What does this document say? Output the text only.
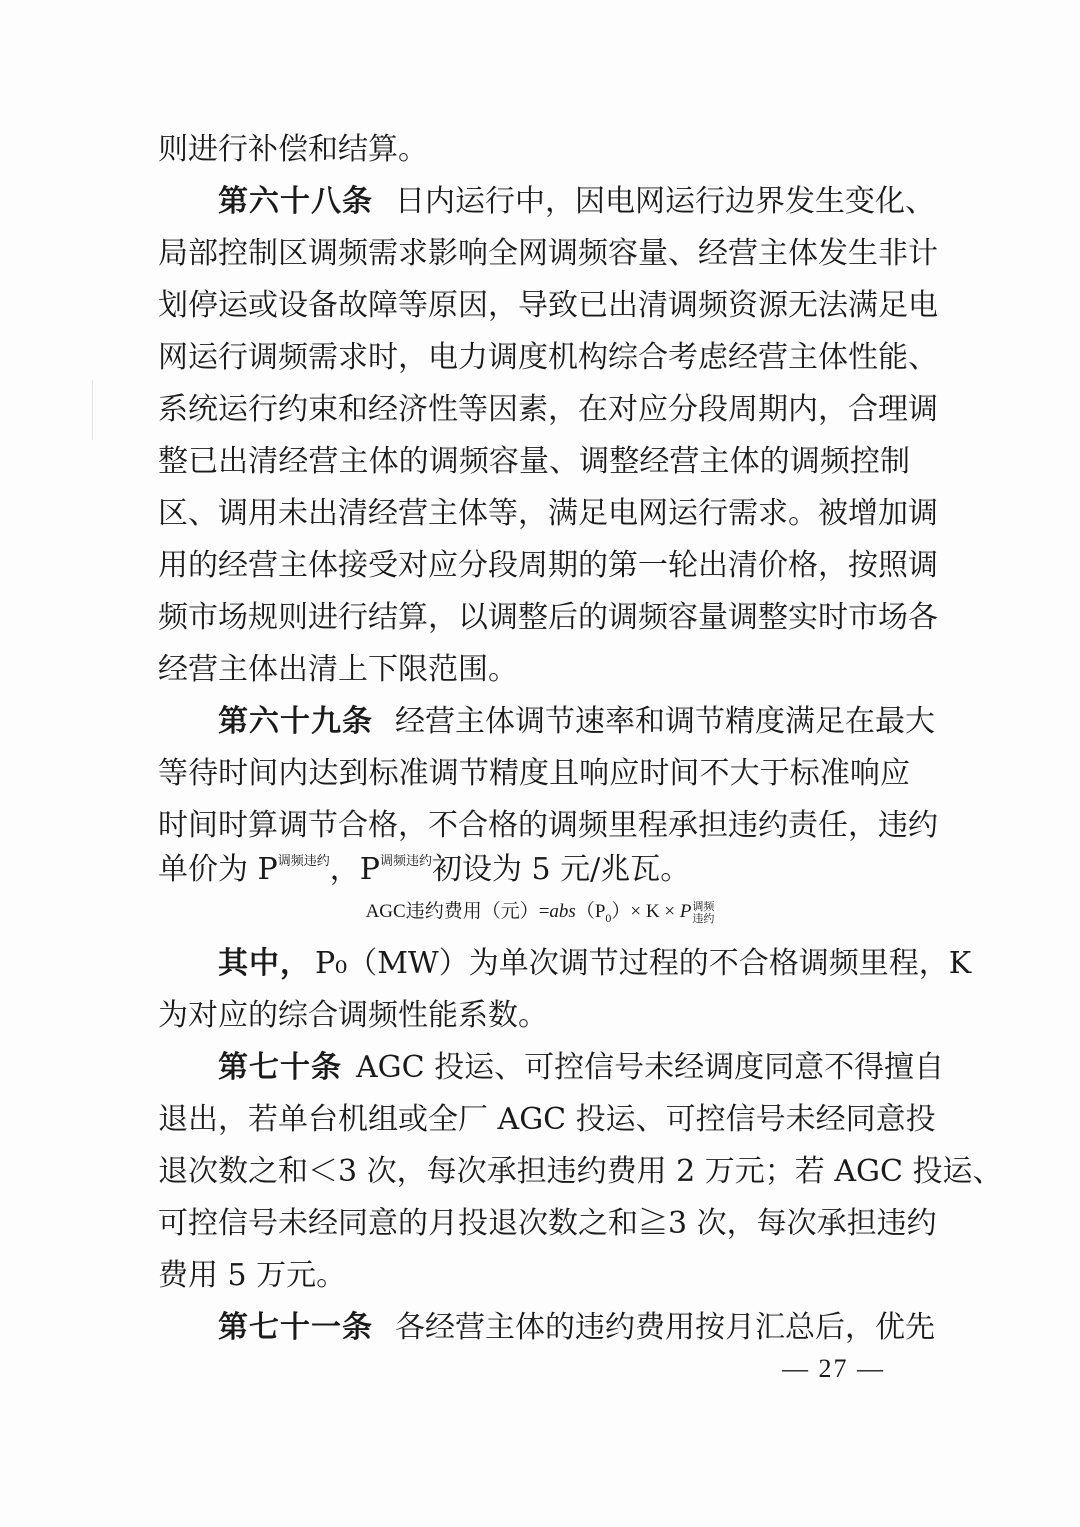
则进行补偿和结算。
第六十八条 日内运行中，因电网运行边界发生变化、
局部控制区调频需求影响全网调频容量、经营主体发生非计
划停运或设备故障等原因，导致已出清调频资源无法满足电
网运行调频需求时，电力调度机构综合考虑经营主体性能、
系统运行约束和经济性等因素，在对应分段周期内，合理调
整已出清经营主体的调频容量、调整经营主体的调频控制
区、调用未出清经营主体等，满足电网运行需求。被增加调
用的经营主体接受对应分段周期的第一轮出清价格，按照调
频市场规则进行结算，以调整后的调频容量调整实时市场各
经营主体出清上下限范围。
第六十九条 经营主体调节速率和调节精度满足在最大
等待时间内达到标准调节精度且响应时间不大于标准响应
时间时算调节合格，不合格的调频里程承担违约责任，违约
单价为 $P^{调频违约}$，$P^{调频违约}$初设为 5 元/兆瓦。
AGC违约费用（元）$=abs(P_0)\times K \times P$调频
违约
其中， P₀（MW）为单次调节过程的不合格调频里程，K
为对应的综合调频性能系数。
第七十条 AGC 投运、可控信号未经调度同意不得擅自
退出，若单台机组或全厂 AGC 投运、可控信号未经同意投
退次数之和＜3 次，每次承担违约费用 2 万元；若 AGC 投运、
可控信号未经同意的月投退次数之和≧3 次，每次承担违约
费用 5 万元。
第七十一条 各经营主体的违约费用按月汇总后，优先
— 27 —
